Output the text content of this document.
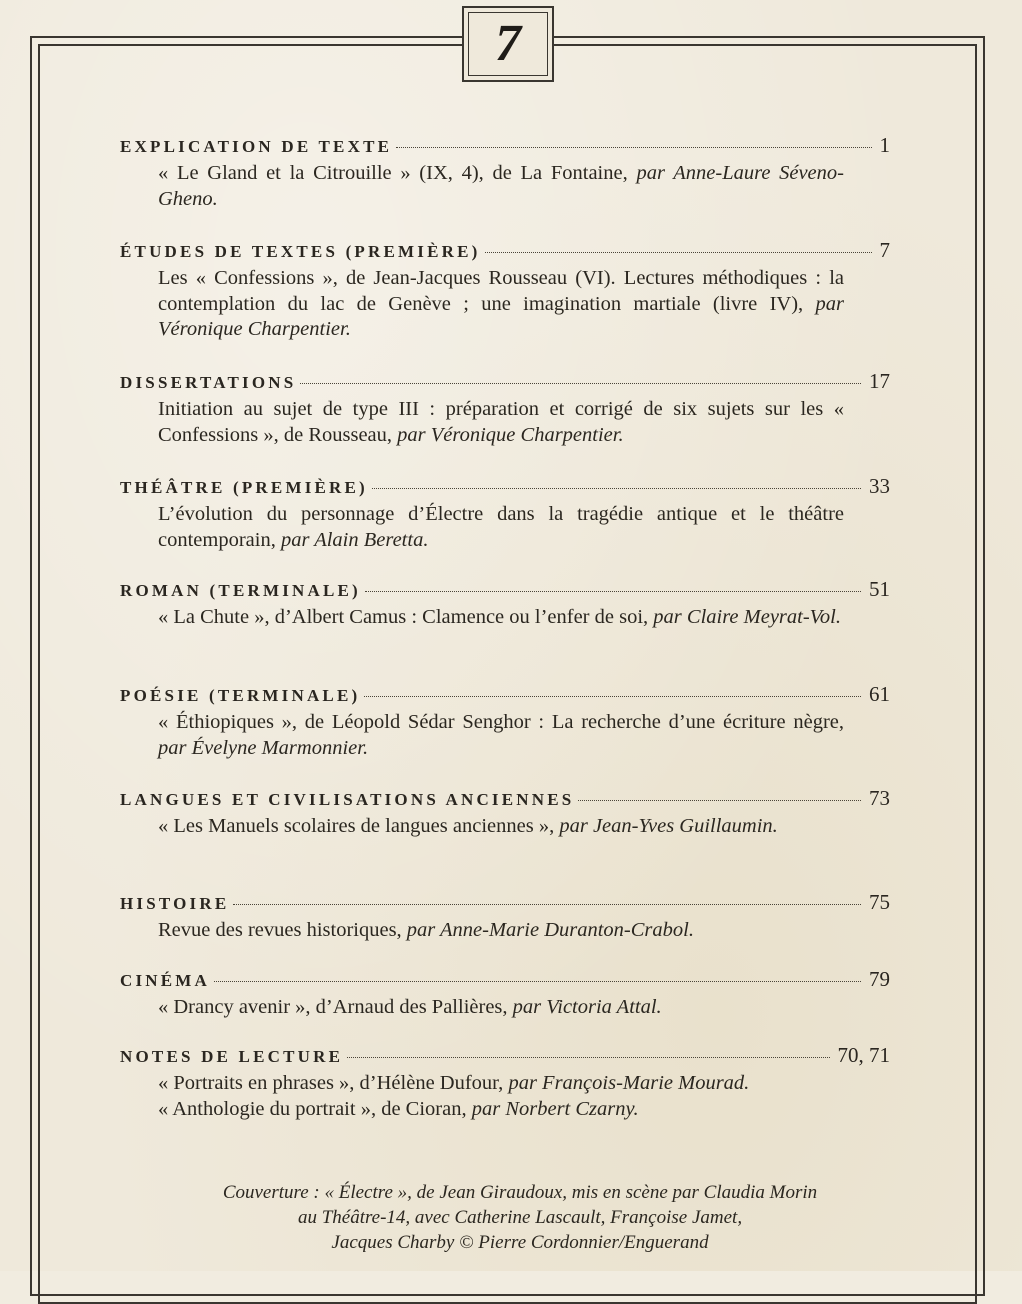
7
EXPLICATION DE TEXTE	1

« Le Gland et la Citrouille » (IX, 4), de La Fontaine, par Anne-Laure Séveno-Gheno.

ÉTUDES DE TEXTES (PREMIÈRE)	7

Les « Confessions », de Jean-Jacques Rousseau (VI). Lectures méthodiques : la contemplation du lac de Genève ; une imagination martiale (livre IV), par Véronique Charpentier.

DISSERTATIONS	17

Initiation au sujet de type III : préparation et corrigé de six sujets sur les « Confessions », de Rousseau, par Véronique Charpentier.

THÉÂTRE (PREMIÈRE)	33

L’évolution du personnage d’Électre dans la tragédie antique et le théâtre contemporain, par Alain Beretta.

ROMAN (TERMINALE)	51

« La Chute », d’Albert Camus : Clamence ou l’enfer de soi, par Claire Meyrat-Vol.

POÉSIE (TERMINALE)	61

« Éthiopiques », de Léopold Sédar Senghor : La recherche d’une écriture nègre, par Évelyne Marmonnier.

LANGUES ET CIVILISATIONS ANCIENNES	73

« Les Manuels scolaires de langues anciennes », par Jean-Yves Guillaumin.

HISTOIRE	75

Revue des revues historiques, par Anne-Marie Duranton-Crabol.

CINÉMA	79

« Drancy avenir », d’Arnaud des Pallières, par Victoria Attal.

NOTES DE LECTURE	70, 71

« Portraits en phrases », d’Hélène Dufour, par François-Marie Mourad.

« Anthologie du portrait », de Cioran, par Norbert Czarny.

Couverture : « Électre », de Jean Giraudoux, mis en scène par Claudia Morin

au Théâtre-14, avec Catherine Lascault, Françoise Jamet,

Jacques Charby © Pierre Cordonnier/Enguerand
